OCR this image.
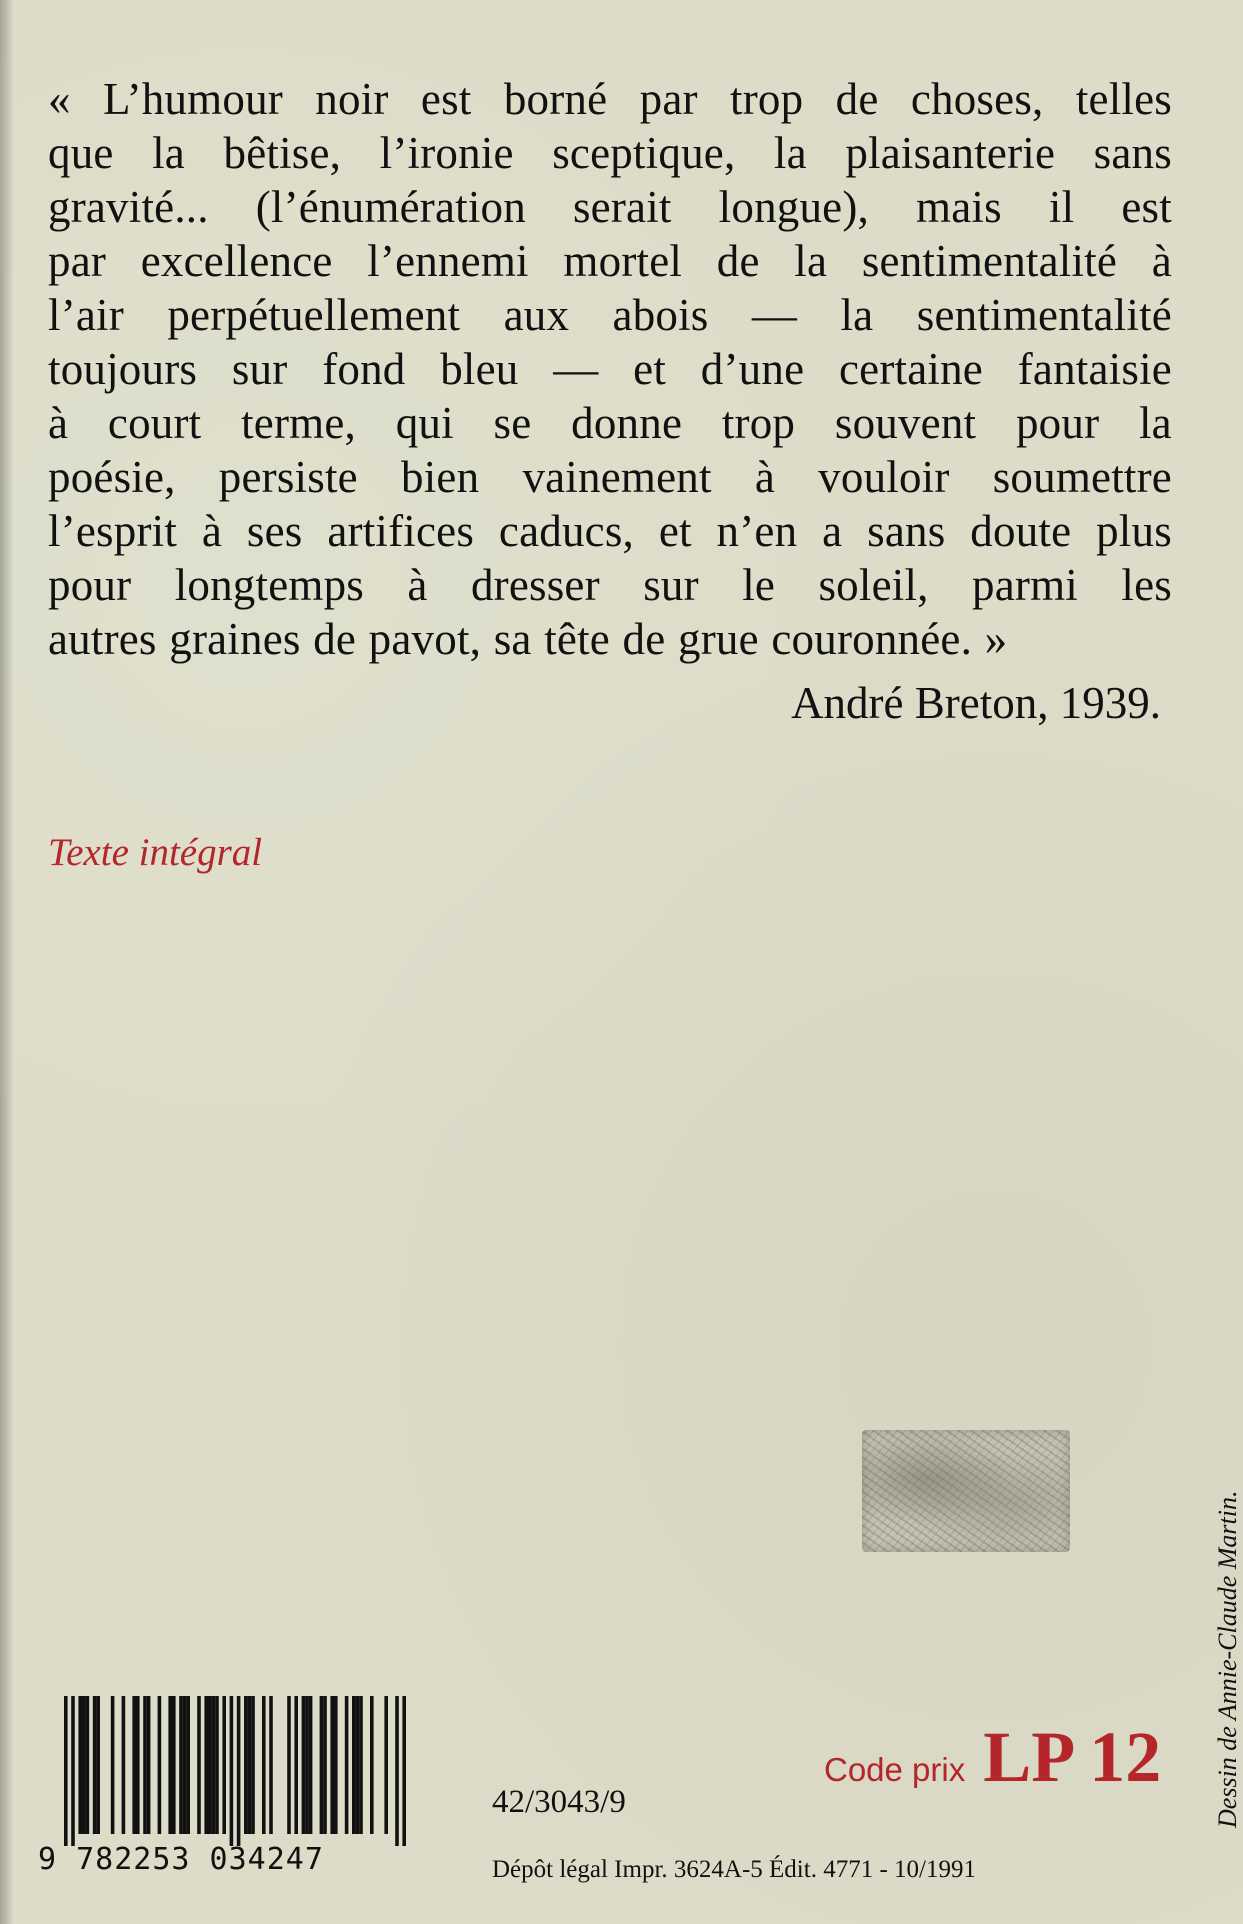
« L’humour noir est borné par trop de choses, telles
que la bêtise, l’ironie sceptique, la plaisanterie sans
gravité... (l’énumération serait longue), mais il est
par excellence l’ennemi mortel de la sentimentalité à
l’air perpétuellement aux abois — la sentimentalité
toujours sur fond bleu — et d’une certaine fantaisie
à court terme, qui se donne trop souvent pour la
poésie, persiste bien vainement à vouloir soumettre
l’esprit à ses artifices caducs, et n’en a sans doute plus
pour longtemps à dresser sur le soleil, parmi les
autres graines de pavot, sa tête de grue couronnée. »
André Breton, 1939.
Texte intégral
Dessin de Annie-Claude Martin.
9 782253 034247
42/3043/9
Dépôt légal Impr. 3624A-5 Édit. 4771 - 10/1991
Code prix LP 12
